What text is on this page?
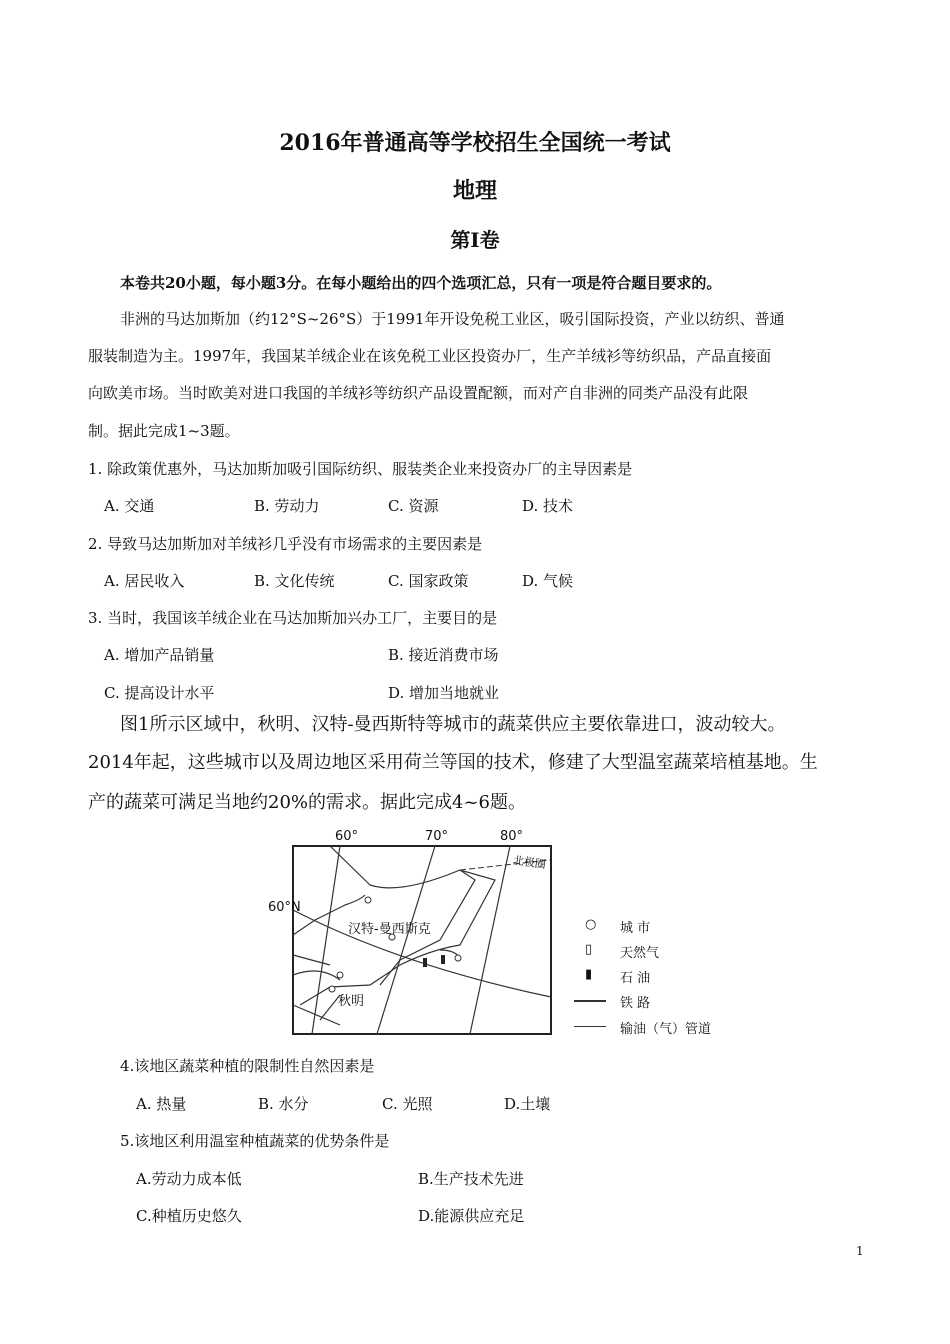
2016年普通高等学校招生全国统一考试
地理
第I卷
本卷共20小题，每小题3分。在每小题给出的四个选项汇总，只有一项是符合题目要求的。
非洲的马达加斯加（约12°S~26°S）于1991年开设免税工业区，吸引国际投资，产业以纺织、普通
服装制造为主。1997年，我国某羊绒企业在该免税工业区投资办厂，生产羊绒衫等纺织品，产品直接面
向欧美市场。当时欧美对进口我国的羊绒衫等纺织产品设置配额，而对产自非洲的同类产品没有此限
制。据此完成1~3题。
1. 除政策优惠外，马达加斯加吸引国际纺织、服装类企业来投资办厂的主导因素是
A. 交通	B. 劳动力	C. 资源	D. 技术
2. 导致马达加斯加对羊绒衫几乎没有市场需求的主要因素是
A. 居民收入	B. 文化传统	C. 国家政策	D. 气候
3. 当时，我国该羊绒企业在马达加斯加兴办工厂，主要目的是
A. 增加产品销量	B. 接近消费市场
C. 提高设计水平	D. 增加当地就业
图1所示区域中，秋明、汉特-曼西斯特等城市的蔬菜供应主要依靠进口，波动较大。
2014年起，这些城市以及周边地区采用荷兰等国的技术，修建了大型温室蔬菜培植基地。生
产的蔬菜可满足当地约20%的需求。据此完成4~6题。
60°	70°	80°
60°N
北极圈
汉特-曼西斯克
秋明
○ 城 市
▯ 天然气
▮ 石 油
铁 路
输油（气）管道
4.该地区蔬菜种植的限制性自然因素是
A. 热量	B. 水分	C. 光照	D.土壤
5.该地区利用温室种植蔬菜的优势条件是
A.劳动力成本低	B.生产技术先进
C.种植历史悠久	D.能源供应充足
1
